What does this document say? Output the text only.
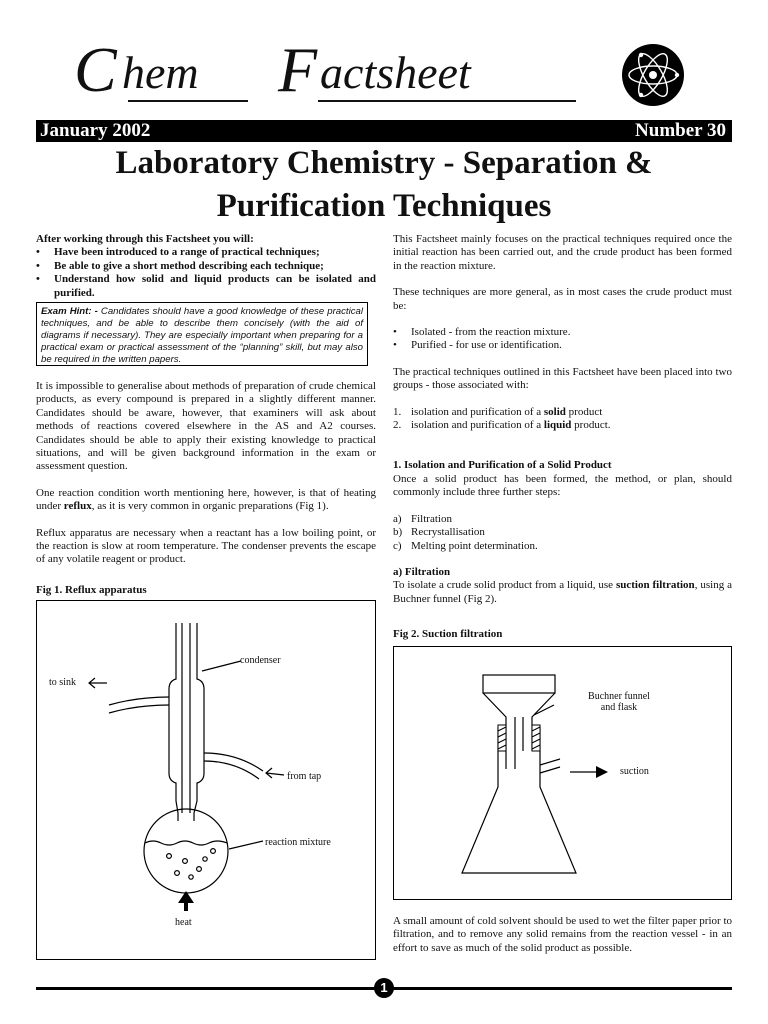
C hem F actsheet
January 2002	Number 30
Laboratory Chemistry - Separation &
Purification Techniques

After working through this Factsheet you will:

• Have been introduced to a range of practical techniques;
• Be able to give a short method describing each technique;
• Understand how solid and liquid products can be isolated and purified.
Exam Hint: - Candidates should have a good knowledge of these practical techniques, and be able to describe them concisely (with the aid of diagrams if necessary). They are especially important when preparing for a practical exam or practical assessment of the “planning” skill, but may also be required in the written papers.

It is impossible to generalise about methods of preparation of crude chemical products, as every compound is prepared in a slightly different manner. Candidates should be aware, however, that examiners will ask about methods of reactions covered elsewhere in the AS and A2 courses. Candidates should be able to apply their existing knowledge to practical situations, and will be given background information in the exam or assessment question.

One reaction condition worth mentioning here, however, is that of heating under reflux, as it is very common in organic preparations (Fig 1).

Reflux apparatus are necessary when a reactant has a low boiling point, or the reaction is slow at room temperature. The condenser prevents the escape of any volatile reagent or product.

Fig 1. Reflux apparatus
condenser
to sink
from tap
reaction mixture
heat

This Factsheet mainly focuses on the practical techniques required once the initial reaction has been carried out, and the crude product has been formed in the reaction mixture.

These techniques are more general, as in most cases the crude product must be:

• Isolated - from the reaction mixture.
• Purified - for use or identification.

The practical techniques outlined in this Factsheet have been placed into two groups - those associated with:

1. isolation and purification of a solid product
2. isolation and purification of a liquid product.

1. Isolation and Purification of a Solid Product

Once a solid product has been formed, the method, or plan, should commonly include three further steps:

a) Filtration
b) Recrystallisation
c) Melting point determination.

a) Filtration

To isolate a crude solid product from a liquid, use suction filtration, using a Buchner funnel (Fig 2).

Fig 2. Suction filtration
Buchner funnel
and flask
suction
A small amount of cold solvent should be used to wet the filter paper prior to filtration, and to remove any solid remains from the reaction vessel - in an effort to save as much of the solid product as possible.
1
